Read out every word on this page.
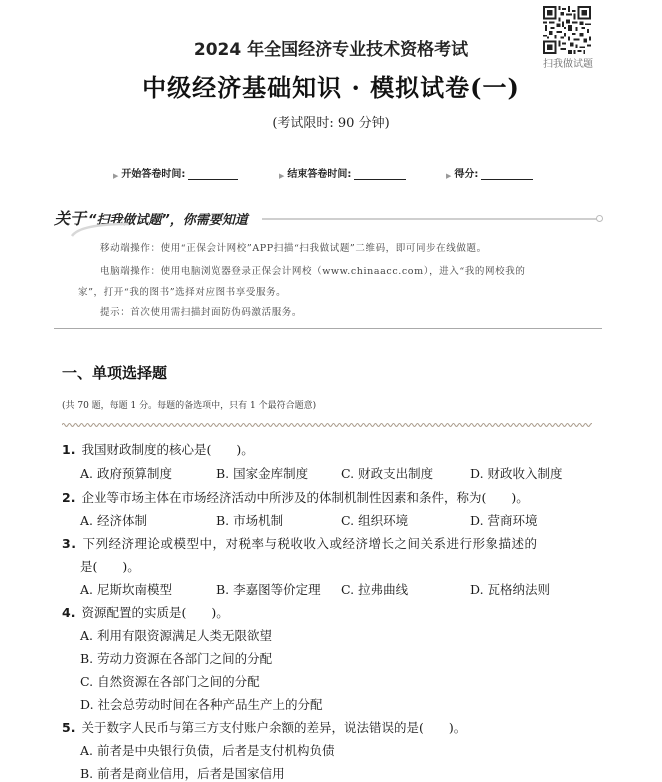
扫我做试题
2024 年全国经济专业技术资格考试
中级经济基础知识 · 模拟试卷(一)
(考试限时: 90 分钟)
▶ 开始答卷时间:	▶ 结束答卷时间:	▶ 得分:
关于 “扫我做试题”，你需要知道
移动端操作：使用“正保会计网校”APP扫描“扫我做试题”二维码，即可同步在线做题。
电脑端操作：使用电脑浏览器登录正保会计网校（www.chinaacc.com），进入“我的网校我的
家”，打开“我的图书”选择对应图书享受服务。
提示：首次使用需扫描封面防伪码激活服务。
一、单项选择题
(共 70 题，每题 1 分。每题的备选项中，只有 1 个最符合题意)
1. 我国财政制度的核心是(　　)。
A. 政府预算制度	B. 国家金库制度	C. 财政支出制度	D. 财政收入制度
2. 企业等市场主体在市场经济活动中所涉及的体制机制性因素和条件，称为(　　)。
A. 经济体制	B. 市场机制	C. 组织环境	D. 营商环境
3. 下列经济理论或模型中，对税率与税收收入或经济增长之间关系进行形象描述的
是(　　)。
A. 尼斯坎南模型	B. 李嘉图等价定理 C. 拉弗曲线	D. 瓦格纳法则
4. 资源配置的实质是(　　)。
A. 利用有限资源满足人类无限欲望
B. 劳动力资源在各部门之间的分配
C. 自然资源在各部门之间的分配
D. 社会总劳动时间在各种产品生产上的分配
5. 关于数字人民币与第三方支付账户余额的差异，说法错误的是(　　)。
A. 前者是中央银行负债，后者是支付机构负债
B. 前者是商业信用，后者是国家信用
